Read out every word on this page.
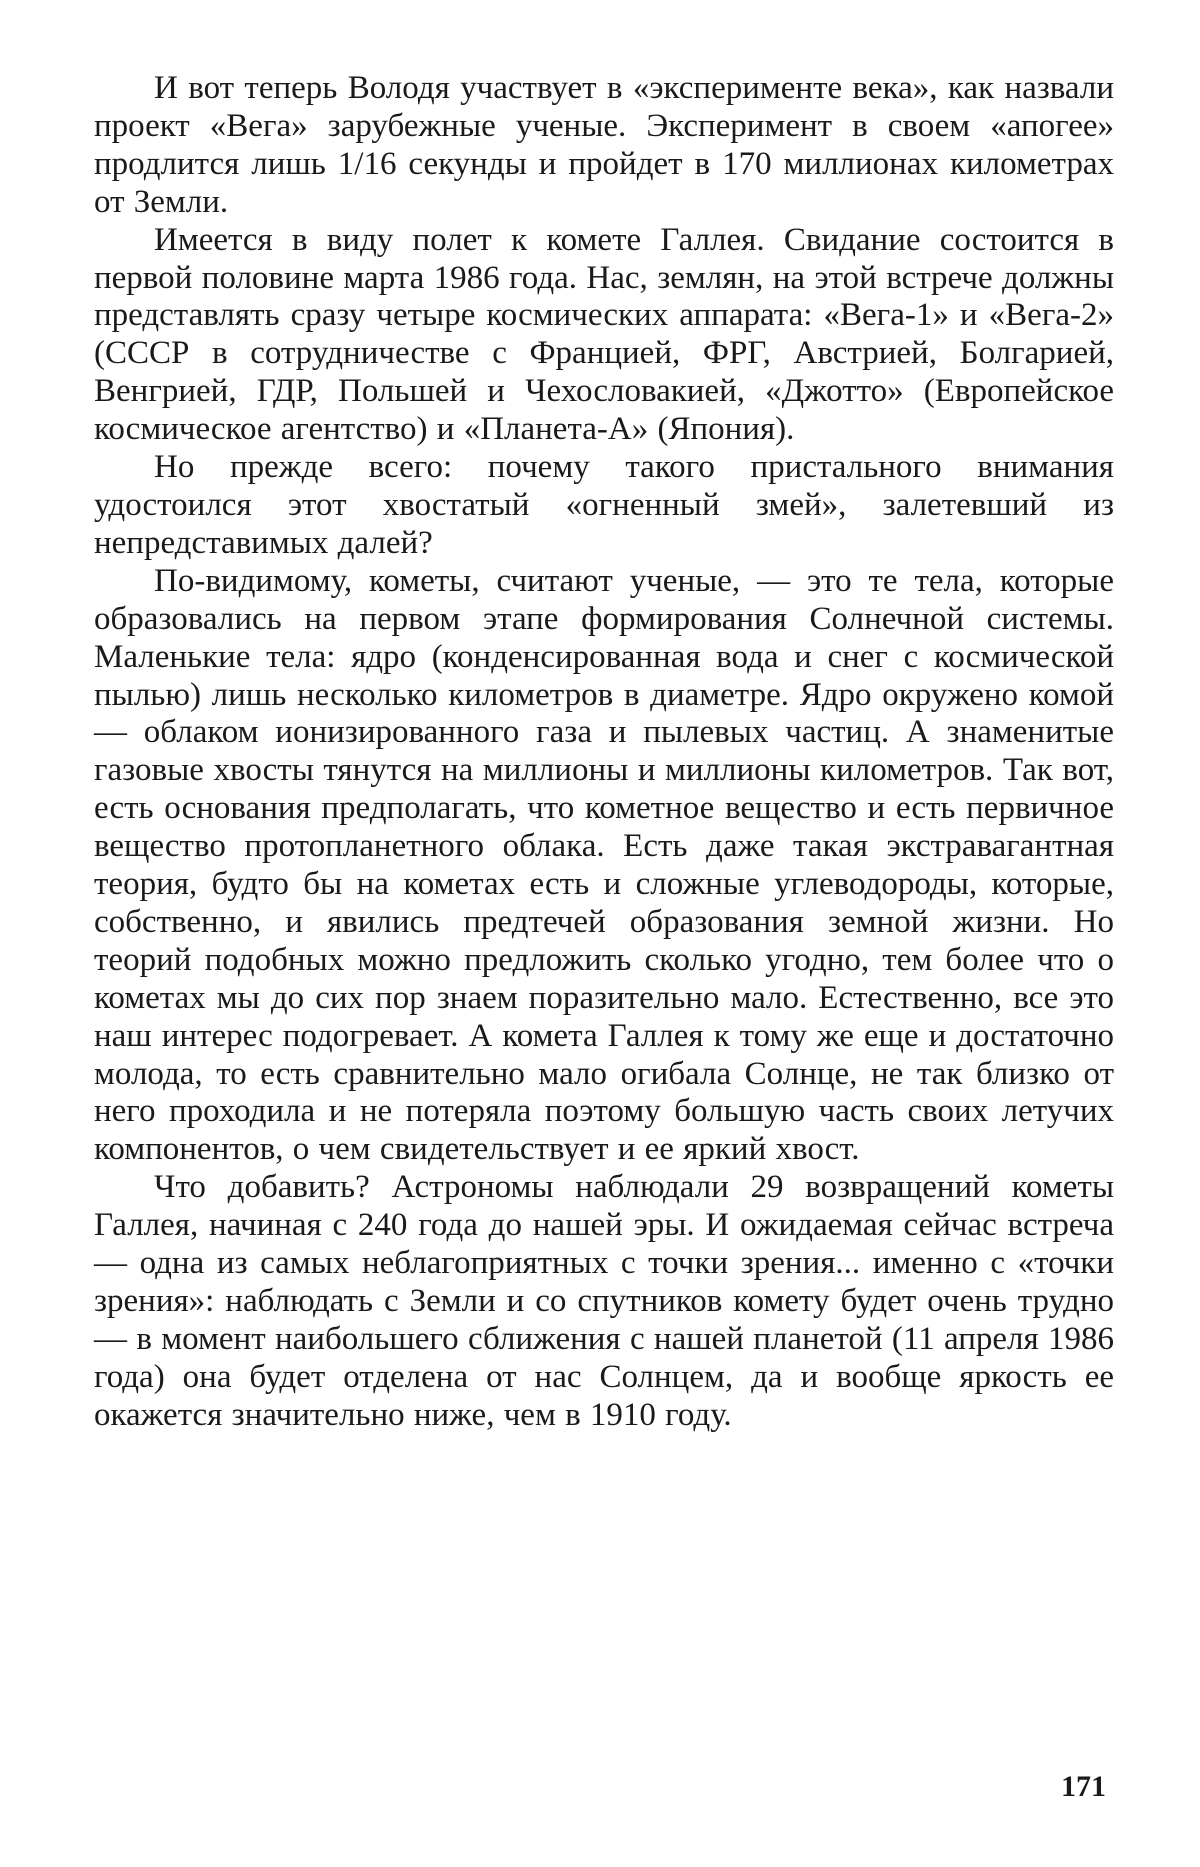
И вот теперь Володя участвует в «эксперименте века», как назвали проект «Вега» зарубежные ученые. Эксперимент в своем «апогее» продлится лишь 1/16 секунды и пройдет в 170 миллионах километрах от Земли.

Имеется в виду полет к комете Галлея. Свидание состоится в первой половине марта 1986 года. Нас, землян, на этой встрече должны представлять сразу четыре космических аппарата: «Вега-1» и «Вега-2» (СССР в сотрудничестве с Францией, ФРГ, Австрией, Болгарией, Венгрией, ГДР, Польшей и Чехословакией, «Джотто» (Европейское космическое агентство) и «Планета-А» (Япония).

Но прежде всего: почему такого пристального внимания удостоился этот хвостатый «огненный змей», залетевший из непредставимых далей?

По-видимому, кометы, считают ученые, — это те тела, которые образовались на первом этапе формирования Солнечной системы. Маленькие тела: ядро (конденсированная вода и снег с космической пылью) лишь несколько километров в диаметре. Ядро окружено комой — облаком ионизированного газа и пылевых частиц. А знаменитые газовые хвосты тянутся на миллионы и миллионы километров. Так вот, есть основания предполагать, что кометное вещество и есть первичное вещество протопланетного облака. Есть даже такая экстравагантная теория, будто бы на кометах есть и сложные углеводороды, которые, собственно, и явились предтечей образования земной жизни. Но теорий подобных можно предложить сколько угодно, тем более что о кометах мы до сих пор знаем поразительно мало. Естественно, все это наш интерес подогревает. А комета Галлея к тому же еще и достаточно молода, то есть сравнительно мало огибала Солнце, не так близко от него проходила и не потеряла поэтому большую часть своих летучих компонентов, о чем свидетельствует и ее яркий хвост.

Что добавить? Астрономы наблюдали 29 возвращений кометы Галлея, начиная с 240 года до нашей эры. И ожидаемая сейчас встреча — одна из самых неблагоприятных с точки зрения... именно с «точки зрения»: наблюдать с Земли и со спутников комету будет очень трудно — в момент наибольшего сближения с нашей планетой (11 апреля 1986 года) она будет отделена от нас Солнцем, да и вообще яркость ее окажется значительно ниже, чем в 1910 году.

171
